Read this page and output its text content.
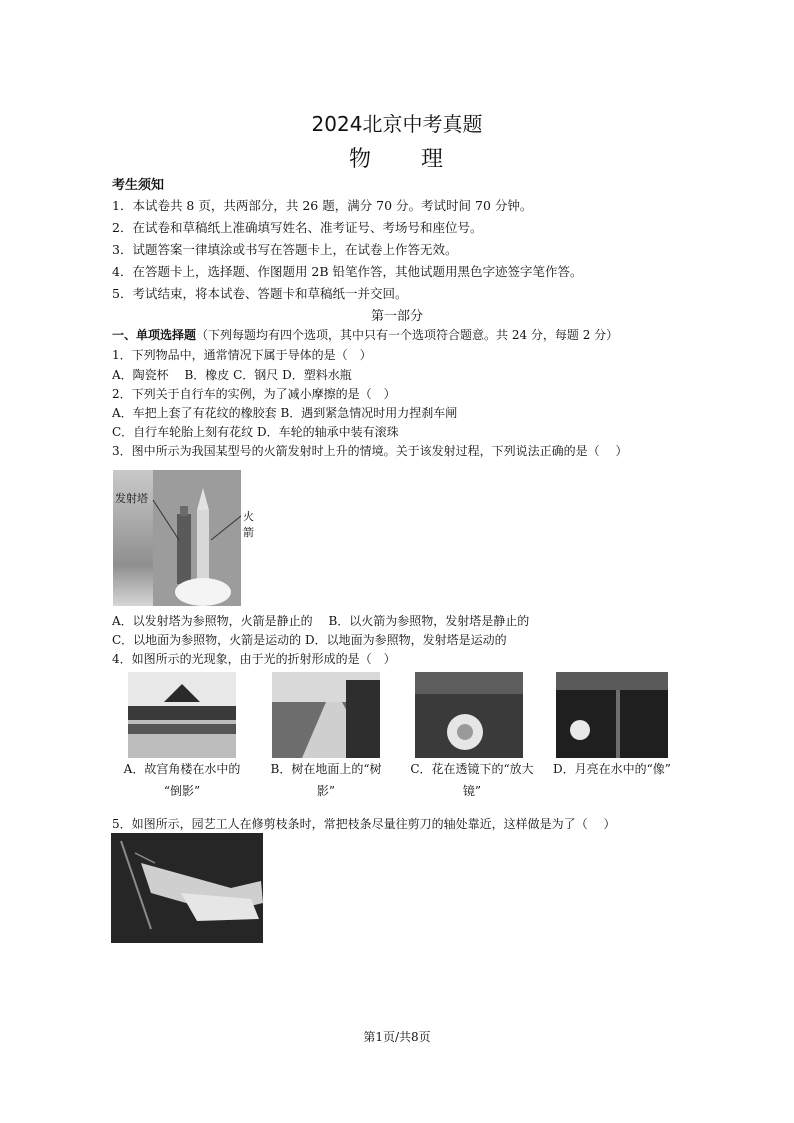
2024北京中考真题
物　　理
考生须知
1．本试卷共 8 页，共两部分，共 26 题，满分 70 分。考试时间 70 分钟。
2．在试卷和草稿纸上准确填写姓名、准考证号、考场号和座位号。
3．试题答案一律填涂或书写在答题卡上，在试卷上作答无效。
4．在答题卡上，选择题、作图题用 2B 铅笔作答，其他试题用黑色字迹签字笔作答。
5．考试结束，将本试卷、答题卡和草稿纸一并交回。
第一部分
一、单项选择题（下列每题均有四个选项，其中只有一个选项符合题意。共 24 分，每题 2 分）
1．下列物品中，通常情况下属于导体的是（　）
A．陶瓷杯　 B．橡皮 C．钢尺 D．塑料水瓶
2．下列关于自行车的实例，为了减小摩擦的是（　）
A．车把上套了有花纹的橡胶套 B．遇到紧急情况时用力捏刹车闸
C．自行车轮胎上刻有花纹 D．车轮的轴承中装有滚珠
3．图中所示为我国某型号的火箭发射时上升的情境。关于该发射过程，下列说法正确的是（　 ）
发射塔
火箭
A．以发射塔为参照物，火箭是静止的　 B．以火箭为参照物，发射塔是静止的
C．以地面为参照物，火箭是运动的 D．以地面为参照物，发射塔是运动的
4．如图所示的光现象，由于光的折射形成的是（　）
A．故宫角楼在水中的
“倒影”
B．树在地面上的“树
影”
C．花在透镜下的“放大
镜”
D．月亮在水中的“像”
5．如图所示，园艺工人在修剪枝条时，常把枝条尽量往剪刀的轴处靠近，这样做是为了（　 ）
第1页/共8页
